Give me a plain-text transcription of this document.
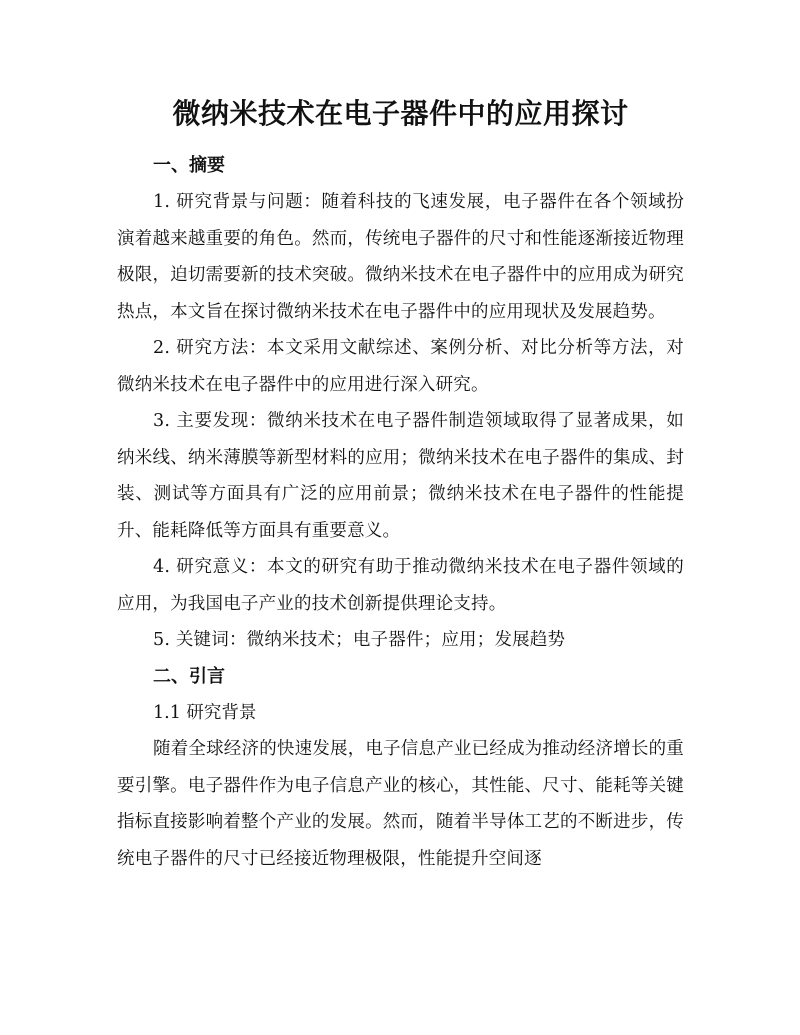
微纳米技术在电子器件中的应用探讨
一、摘要

1. 研究背景与问题：随着科技的飞速发展，电子器件在各个领域扮演着越来越重要的角色。然而，传统电子器件的尺寸和性能逐渐接近物理极限，迫切需要新的技术突破。微纳米技术在电子器件中的应用成为研究热点，本文旨在探讨微纳米技术在电子器件中的应用现状及发展趋势。

2. 研究方法：本文采用文献综述、案例分析、对比分析等方法，对微纳米技术在电子器件中的应用进行深入研究。

3. 主要发现：微纳米技术在电子器件制造领域取得了显著成果，如纳米线、纳米薄膜等新型材料的应用；微纳米技术在电子器件的集成、封装、测试等方面具有广泛的应用前景；微纳米技术在电子器件的性能提升、能耗降低等方面具有重要意义。

4. 研究意义：本文的研究有助于推动微纳米技术在电子器件领域的应用，为我国电子产业的技术创新提供理论支持。

5. 关键词：微纳米技术；电子器件；应用；发展趋势

二、引言

1.1 研究背景

随着全球经济的快速发展，电子信息产业已经成为推动经济增长的重要引擎。电子器件作为电子信息产业的核心，其性能、尺寸、能耗等关键指标直接影响着整个产业的发展。然而，随着半导体工艺的不断进步，传统电子器件的尺寸已经接近物理极限，性能提升空间逐
